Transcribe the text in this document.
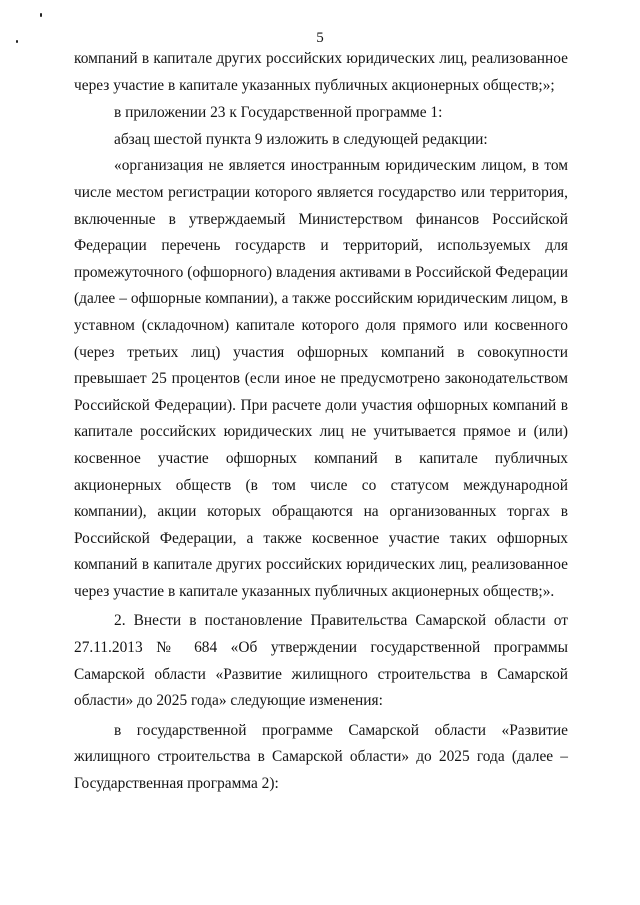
5

компаний в капитале других российских юридических лиц, реализованное через участие в капитале указанных публичных акционерных обществ;»;

в приложении 23 к Государственной программе 1:

абзац шестой пункта 9 изложить в следующей редакции:

«организация не является иностранным юридическим лицом, в том числе местом регистрации которого является государство или территория, включенные в утверждаемый Министерством финансов Российской Федерации перечень государств и территорий, используемых для промежуточного (офшорного) владения активами в Российской Федерации (далее – офшорные компании), а также российским юридическим лицом, в уставном (складочном) капитале которого доля прямого или косвенного (через третьих лиц) участия офшорных компаний в совокупности превышает 25 процентов (если иное не предусмотрено законодательством Российской Федерации). При расчете доли участия офшорных компаний в капитале российских юридических лиц не учитывается прямое и (или) косвенное участие офшорных компаний в капитале публичных акционерных обществ (в том числе со статусом международной компании), акции которых обращаются на организованных торгах в Российской Федерации, а также косвенное участие таких офшорных компаний в капитале других российских юридических лиц, реализованное через участие в капитале указанных публичных акционерных обществ;».

2. Внести в постановление Правительства Самарской области от 27.11.2013 № 684 «Об утверждении государственной программы Самарской области «Развитие жилищного строительства в Самарской области» до 2025 года» следующие изменения:

в государственной программе Самарской области «Развитие жилищного строительства в Самарской области» до 2025 года (далее – Государственная программа 2):
